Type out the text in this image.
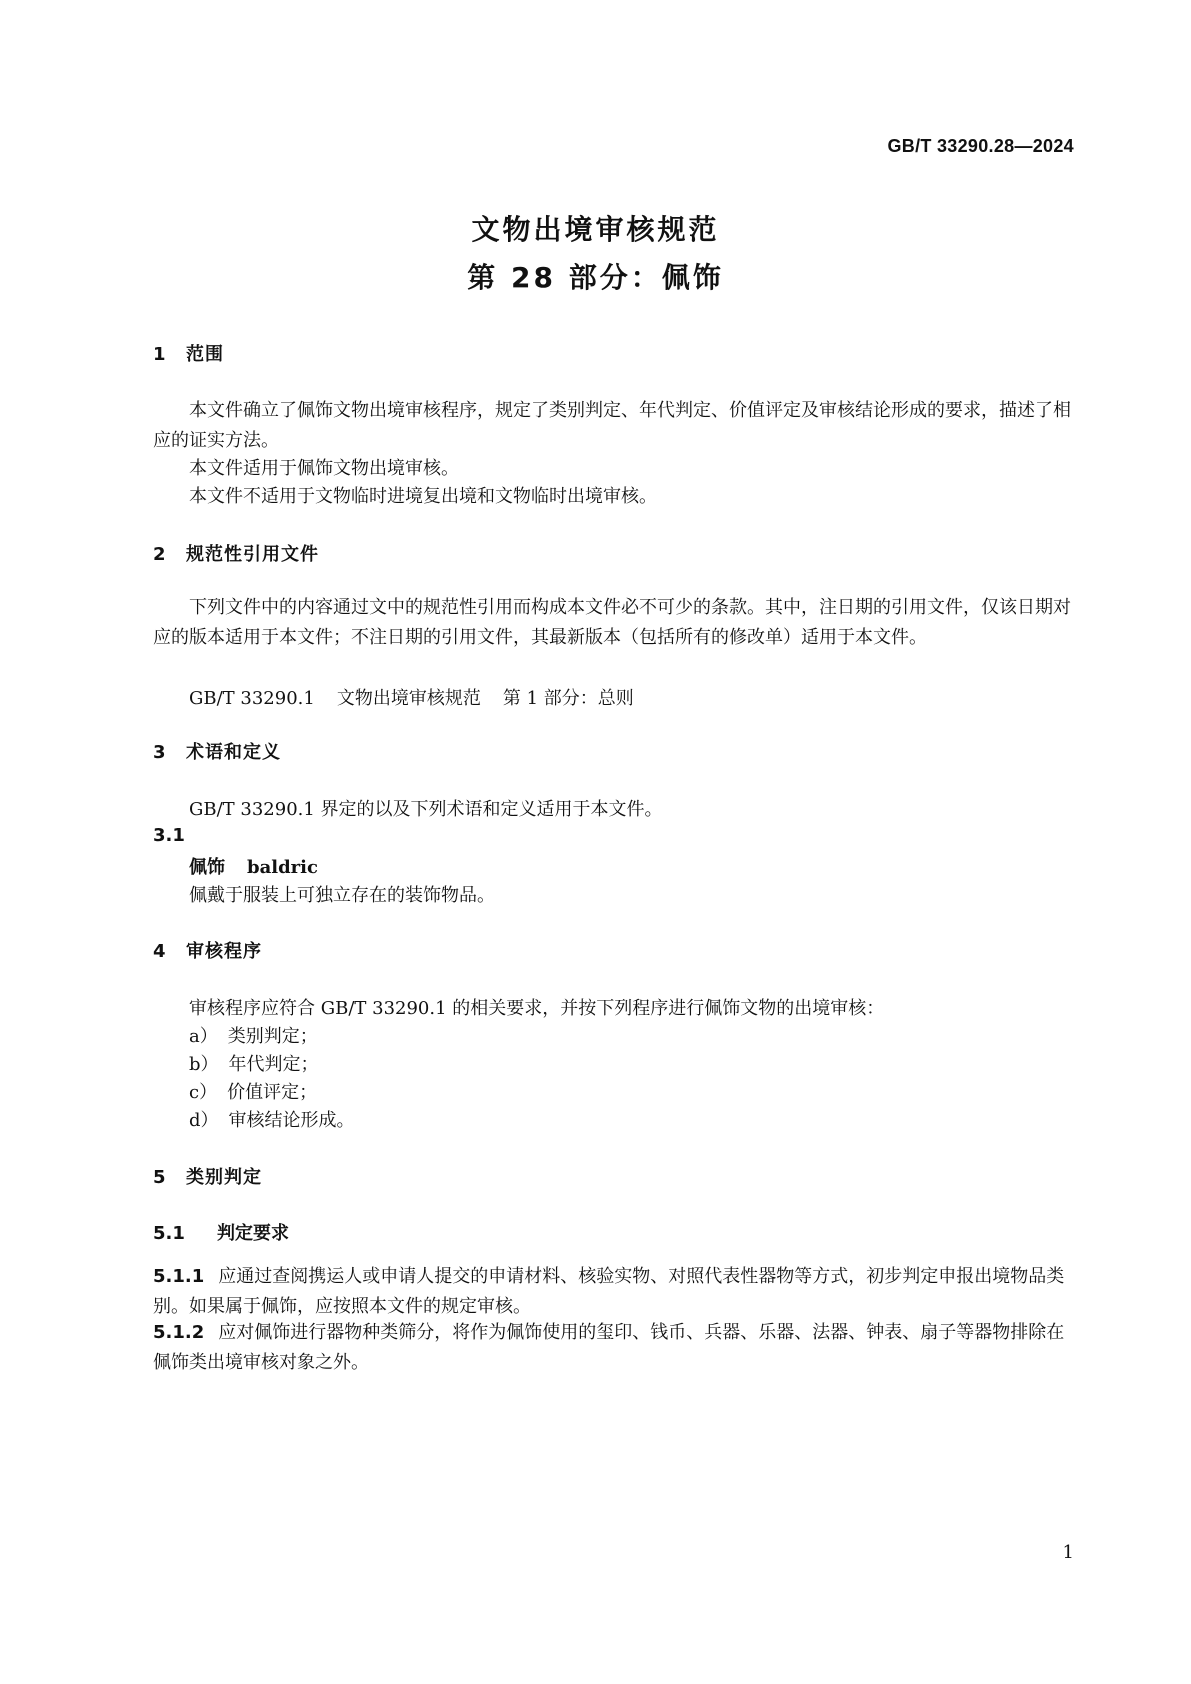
GB/T 33290.28—2024
文物出境审核规范
第 28 部分：佩饰
1 范围
本文件确立了佩饰文物出境审核程序，规定了类别判定、年代判定、价值评定及审核结论形成的要求，描述了相应的证实方法。
本文件适用于佩饰文物出境审核。
本文件不适用于文物临时进境复出境和文物临时出境审核。
2 规范性引用文件
下列文件中的内容通过文中的规范性引用而构成本文件必不可少的条款。其中，注日期的引用文件，仅该日期对应的版本适用于本文件；不注日期的引用文件，其最新版本（包括所有的修改单）适用于本文件。
GB/T 33290.1 文物出境审核规范 第 1 部分：总则
3 术语和定义
GB/T 33290.1 界定的以及下列术语和定义适用于本文件。
3.1
佩饰 baldric
佩戴于服装上可独立存在的装饰物品。
4 审核程序
审核程序应符合 GB/T 33290.1 的相关要求，并按下列程序进行佩饰文物的出境审核：
a） 类别判定；
b） 年代判定；
c） 价值评定；
d） 审核结论形成。
5 类别判定
5.1 判定要求
5.1.1 应通过查阅携运人或申请人提交的申请材料、核验实物、对照代表性器物等方式，初步判定申报出境物品类别。如果属于佩饰，应按照本文件的规定审核。
5.1.2 应对佩饰进行器物种类筛分，将作为佩饰使用的玺印、钱币、兵器、乐器、法器、钟表、扇子等器物排除在佩饰类出境审核对象之外。
1
